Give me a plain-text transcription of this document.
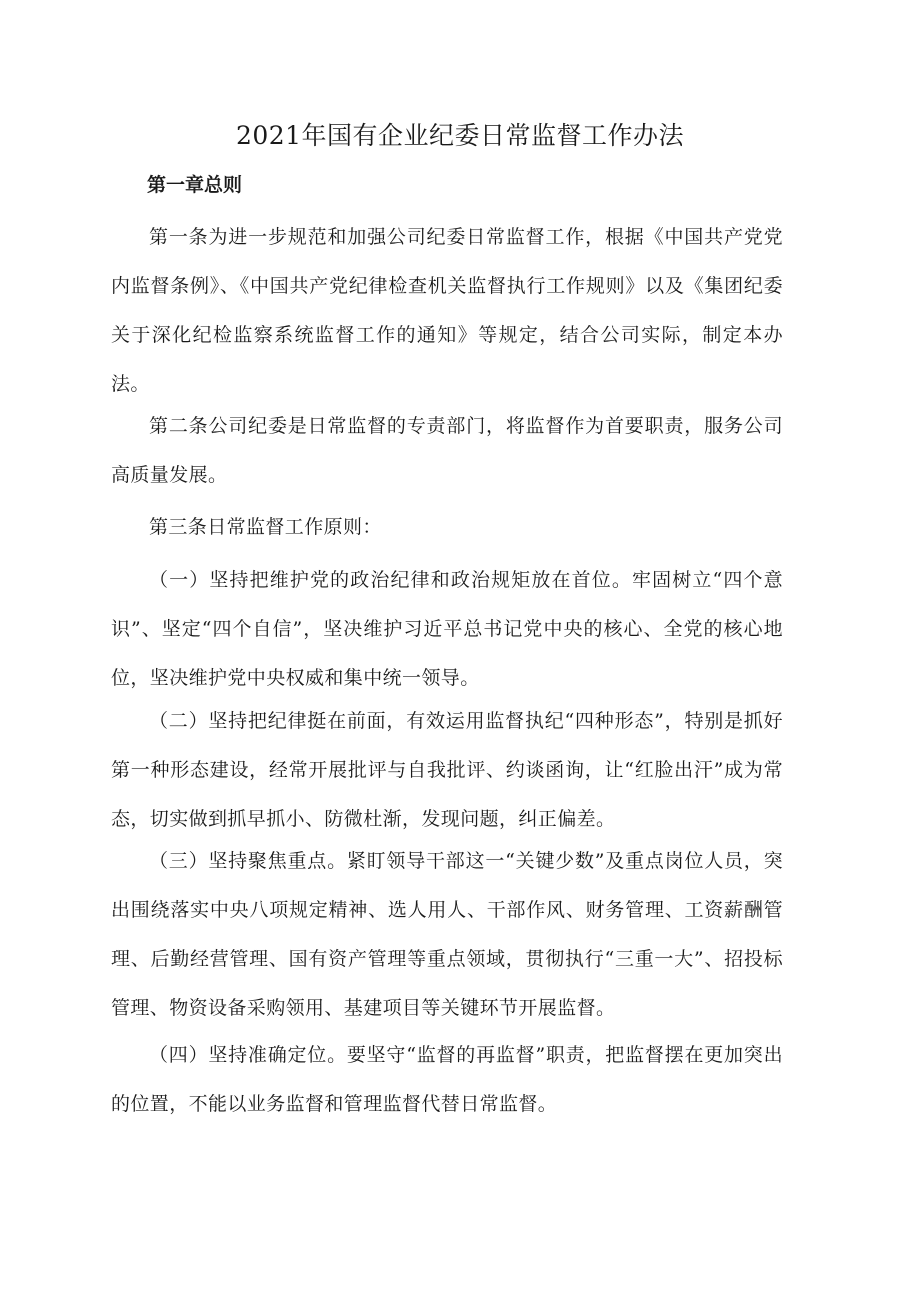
2021年国有企业纪委日常监督工作办法
第一章总则

第一条为进一步规范和加强公司纪委日常监督工作，根据《中国共产党党内监督条例》、《中国共产党纪律检查机关监督执行工作规则》以及《集团纪委关于深化纪检监察系统监督工作的通知》等规定，结合公司实际，制定本办法。

第二条公司纪委是日常监督的专责部门，将监督作为首要职责，服务公司高质量发展。

第三条日常监督工作原则：

（一）坚持把维护党的政治纪律和政治规矩放在首位。牢固树立“四个意识”、坚定“四个自信”，坚决维护习近平总书记党中央的核心、全党的核心地位，坚决维护党中央权威和集中统一领导。

（二）坚持把纪律挺在前面，有效运用监督执纪“四种形态”，特别是抓好第一种形态建设，经常开展批评与自我批评、约谈函询，让“红脸出汗”成为常态，切实做到抓早抓小、防微杜渐，发现问题，纠正偏差。

（三）坚持聚焦重点。紧盯领导干部这一“关键少数”及重点岗位人员，突出围绕落实中央八项规定精神、选人用人、干部作风、财务管理、工资薪酬管理、后勤经营管理、国有资产管理等重点领域，贯彻执行“三重一大”、招投标管理、物资设备采购领用、基建项目等关键环节开展监督。

（四）坚持准确定位。要坚守“监督的再监督”职责，把监督摆在更加突出的位置，不能以业务监督和管理监督代替日常监督。
